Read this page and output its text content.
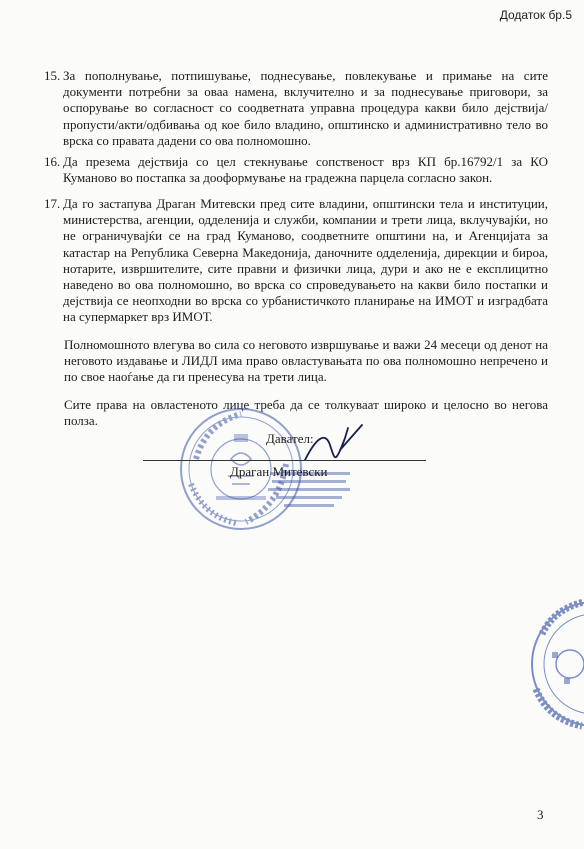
Додаток бр.5
15. За пополнување, потпишување, поднесување, повлекување и примање на сите документи потребни за оваа намена, вклучително и за поднесување приговори, за оспорување во согласност со соодветната управна процедура какви било дејствија/пропусти/акти/одбивања од кое било владино, општинско и административно тело во врска со правата дадени со ова полномошно.
16. Да презема дејствија со цел стекнување сопственост врз КП бр.16792/1 за КО Куманово во постапка за дооформување на градежна парцела согласно закон.
17. Да го застапува Драган Митевски пред сите владини, општински тела и институции, министерства, агенции, одделенија и служби, компании и трети лица, вклучувајќи, но не ограничувајќи се на град Куманово, соодветните општини на, и Агенцијата за катастар на Република Северна Македонија, даночните одделенија, дирекции и бироа, нотарите, извршителите, сите правни и физички лица, дури и ако не е експлицитно наведено во ова полномошно, во врска со спроведувањето на какви било постапки и дејствија се неопходни во врска со урбанистичкото планирање на ИМОТ и изградбата на супермаркет врз ИМОТ.
Полномошното влегува во сила со неговото извршување и важи 24 месеци од денот на неговото издавање и ЛИДЛ има право овластувањата по ова полномошно непречено и по свое наоѓање да ги пренесува на трети лица.
Сите права на овластеното лице треба да се толкуваат широко и целосно во негова полза.
Давател:
Драган Митевски
3
